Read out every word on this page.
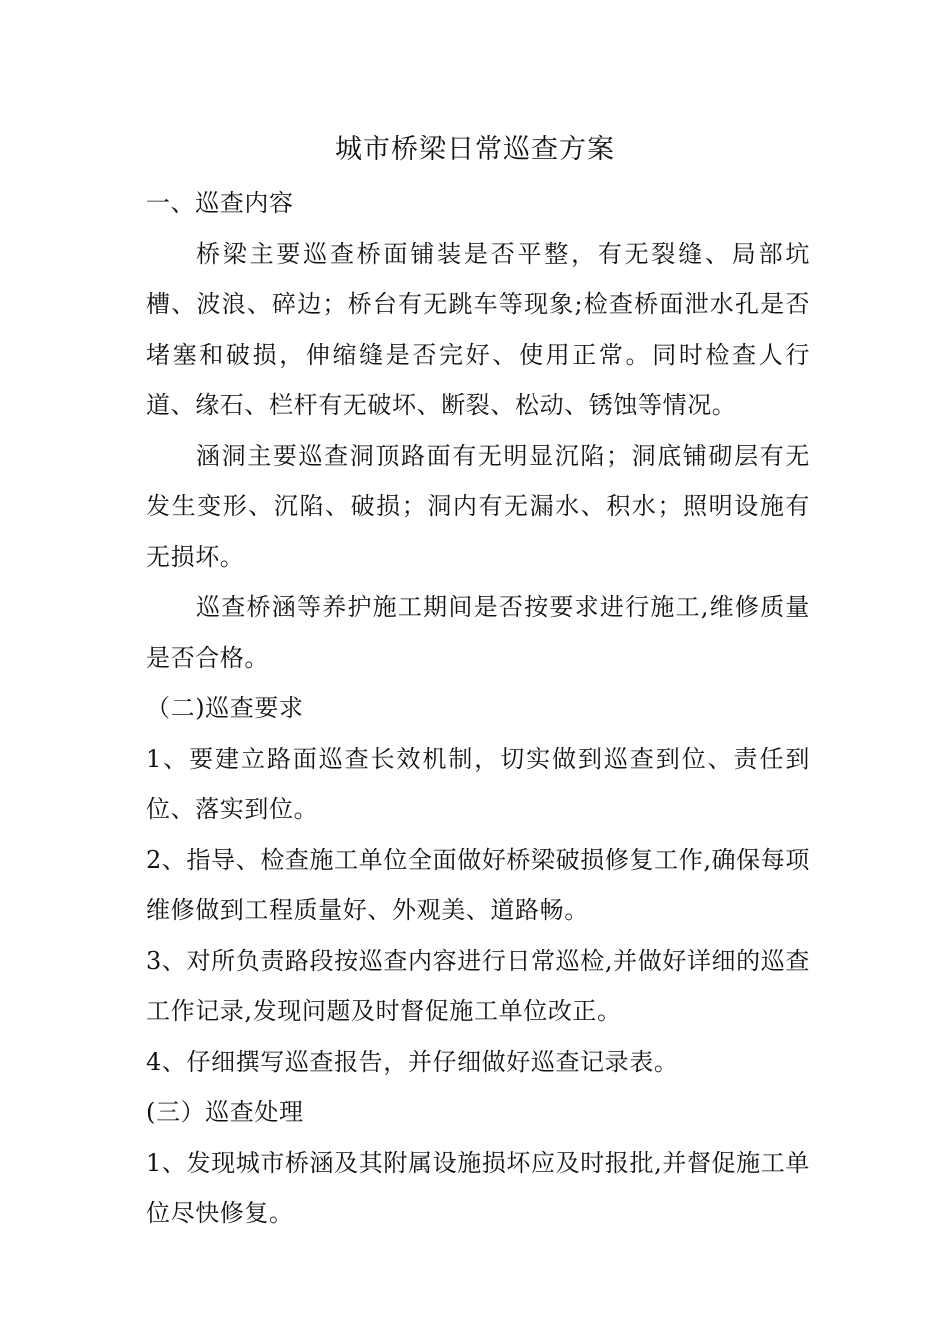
城市桥梁日常巡查方案

一、巡查内容

桥梁主要巡查桥面铺装是否平整，有无裂缝、局部坑槽、波浪、碎边；桥台有无跳车等现象;检查桥面泄水孔是否堵塞和破损，伸缩缝是否完好、使用正常。同时检查人行道、缘石、栏杆有无破坏、断裂、松动、锈蚀等情况。

涵洞主要巡查洞顶路面有无明显沉陷；洞底铺砌层有无发生变形、沉陷、破损；洞内有无漏水、积水；照明设施有无损坏。

巡查桥涵等养护施工期间是否按要求进行施工,维修质量是否合格。

（二)巡查要求

1、要建立路面巡查长效机制，切实做到巡查到位、责任到位、落实到位。

2、指导、检查施工单位全面做好桥梁破损修复工作,确保每项维修做到工程质量好、外观美、道路畅。

3、对所负责路段按巡查内容进行日常巡检,并做好详细的巡查工作记录,发现问题及时督促施工单位改正。

4、仔细撰写巡查报告，并仔细做好巡查记录表。

(三）巡查处理

1、发现城市桥涵及其附属设施损坏应及时报批,并督促施工单位尽快修复。
